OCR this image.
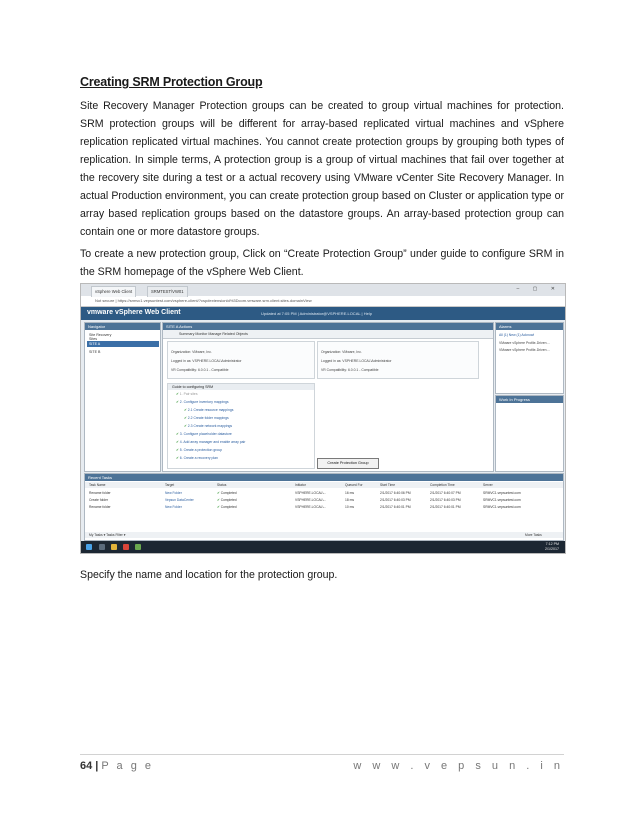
Creating SRM Protection Group

Site Recovery Manager Protection groups can be created to group virtual machines for protection. SRM protection groups will be different for array-based replicated virtual machines and vSphere replication replicated virtual machines. You cannot create protection groups by grouping both types of replication. In simple terms, A protection group is a group of virtual machines that fail over together at the recovery site during a test or a actual recovery using VMware vCenter Site Recovery Manager. In actual Production environment, you can create protection group based on Cluster or application type or array based replication groups based on the datastore groups. An array-based protection group can contain one or more datastore groups.

To create a new protection group, Click on “Create Protection Group” under guide to configure SRM in the SRM homepage of the vSphere Web Client.

vSphere Web Client	SRMTEST\VW01	– ▢ ✕
Not secure | https://srmvc1.vepsuntest.com/vsphere-client/?csp#extensionId%3Dcom.vmware.srm.client.sites.domainView
vmware vSphere Web Client	Updated at 7:05 PM | Administrator@VSPHERE.LOCAL | Help
Navigator
Site Recovery
Sites
SITE A
SITE B
SITE A Actions
Summary Monitor Manage Related Objects
Organization: VMware, Inc.
Logged in as: VSPHERE.LOCAL\Administrator
VR Compatibility: 6.0.0.1 - Compatible
Organization: VMware, Inc.
Logged in as: VSPHERE.LOCAL\Administrator
VR Compatibility: 6.0.0.1 - Compatible
Guide to configuring SRM
✔ 1. Pair sites
✔ 2. Configure inventory mappings
✔ 2.1 Create resource mappings
✔ 2.2 Create folder mappings
✔ 2.3 Create network mappings
✔ 3. Configure placeholder datastore
✔ 4. Add array manager and enable array pair
✔ 5. Create a protection group
✔ 6. Create a recovery plan
Create Protection Group
Alarms
All (1) New (1) Acknowl
VMware vSphere Profile-Driven ...
VMware vSphere Profile-Driven ...
Work In Progress
Recent Tasks
Task Name	Target	Status	Initiator	Queued For	Start Time	Completion Time	Server
Rename folder	New Folder	✔ Completed	VSPHERE.LOCAL\...	16 ms	2/1/2017 6:40:06 PM	2/1/2017 6:40:07 PM	SRMVC1.vepsuntest.com
Create folder	Vepsun DataCenter	✔ Completed	VSPHERE.LOCAL\...	18 ms	2/1/2017 6:40:03 PM	2/1/2017 6:40:03 PM	SRMVC1.vepsuntest.com
Rename folder	New Folder	✔ Completed	VSPHERE.LOCAL\...	10 ms	2/1/2017 6:40:01 PM	2/1/2017 6:40:01 PM	SRMVC1.vepsuntest.com
My Tasks ▾ Tasks Filter ▾	More Tasks
7:12 PM
2/1/2017

Specify the name and location for the protection group.

64 | P a g e	w w w . v e p s u n . i n
